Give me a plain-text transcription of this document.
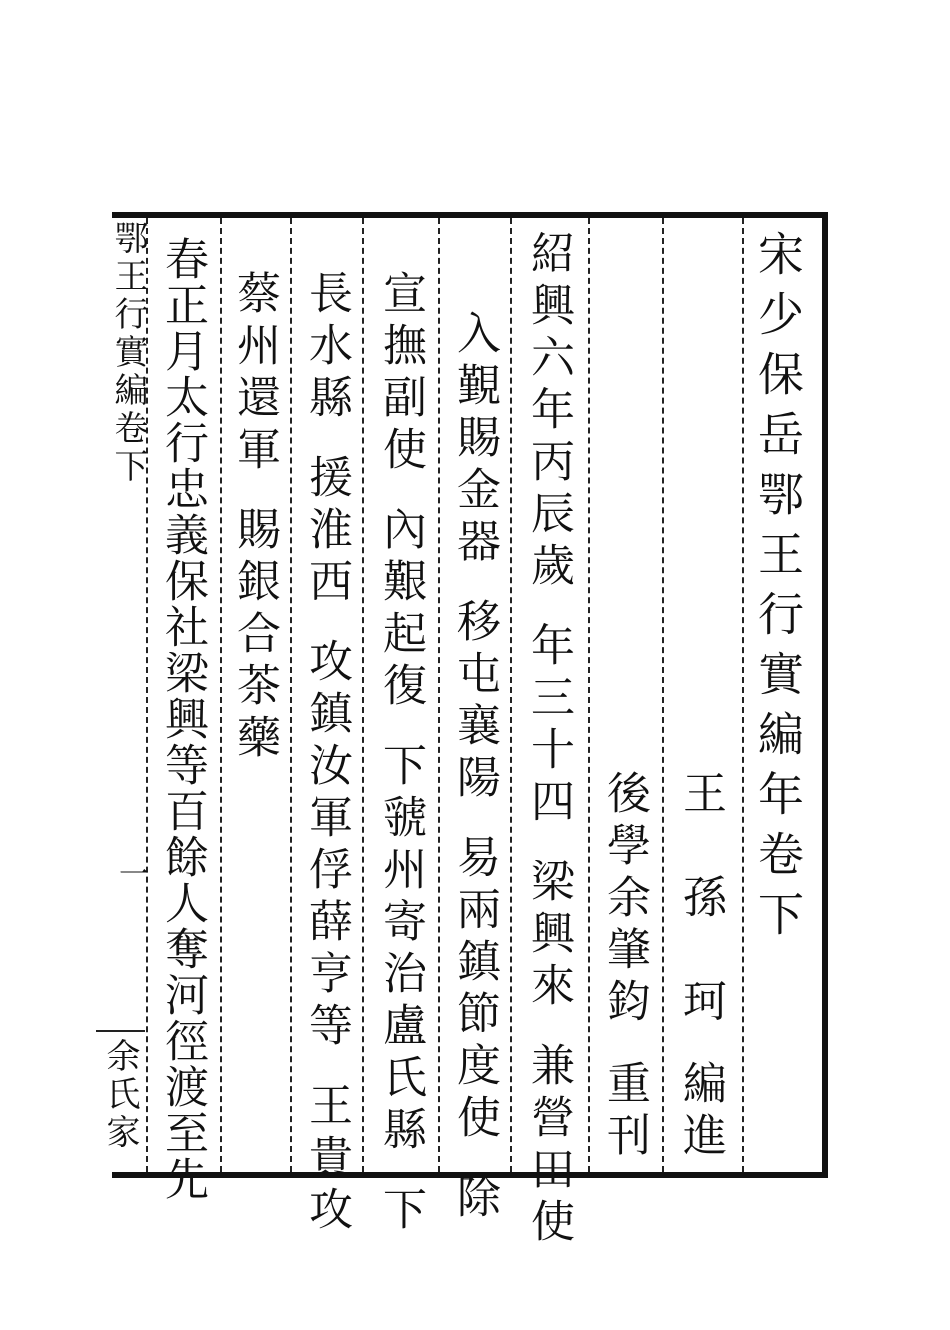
宋少保岳鄂王行實編年卷下
王　孫　珂編進
後學余肇鈞重刊
紹興六年丙辰歲年三十四梁興來兼營田使
入覲賜金器移屯襄陽易兩鎮節度使除
宣撫副使內艱起復下虢州寄治盧氏縣下
長水縣援淮西攻鎮汝軍俘薛亨等王貴攻
蔡州還軍賜銀合茶藥
春正月太行忠義保社梁興等百餘人奪河徑渡至先
鄂王行實編卷下
一
余氏家
